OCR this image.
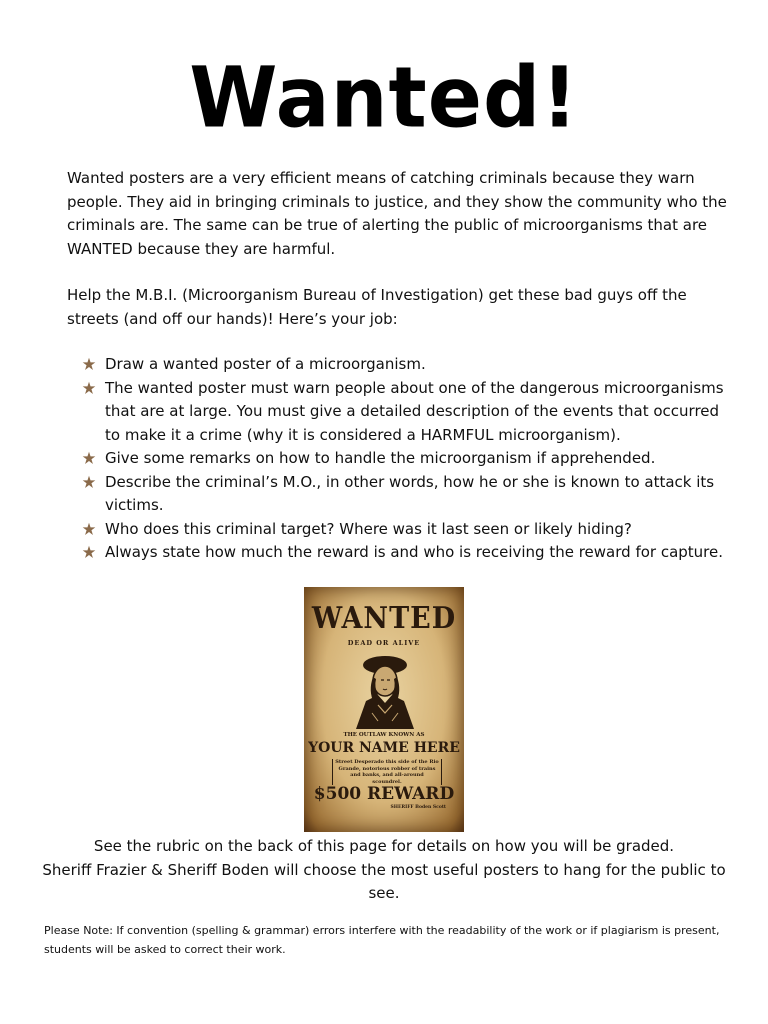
Wanted!

Wanted posters are a very efficient means of catching criminals because they warn people. They aid in bringing criminals to justice, and they show the community who the criminals are. The same can be true of alerting the public of microorganisms that are WANTED because they are harmful.

Help the M.B.I. (Microorganism Bureau of Investigation) get these bad guys off the streets (and off our hands)! Here’s your job:

Draw a wanted poster of a microorganism.
The wanted poster must warn people about one of the dangerous microorganisms that are at large. You must give a detailed description of the events that occurred to make it a crime (why it is considered a HARMFUL microorganism).
Give some remarks on how to handle the microorganism if apprehended.
Describe the criminal’s M.O., in other words, how he or she is known to attack its victims.
Who does this criminal target? Where was it last seen or likely hiding?
Always state how much the reward is and who is receiving the reward for capture.
WANTED
DEAD OR ALIVE
THE OUTLAW KNOWN AS
YOUR NAME HERE
Street Desperado this side of the Rio Grande, notorious robber of trains and banks, and all-around scoundrel.
$500 REWARD
SHERIFF Boden Scott
See the rubric on the back of this page for details on how you will be graded.
Sheriff Frazier & Sheriff Boden will choose the most useful posters to hang for the public to see.

Please Note: If convention (spelling & grammar) errors interfere with the readability of the work or if plagiarism is present, students will be asked to correct their work.
